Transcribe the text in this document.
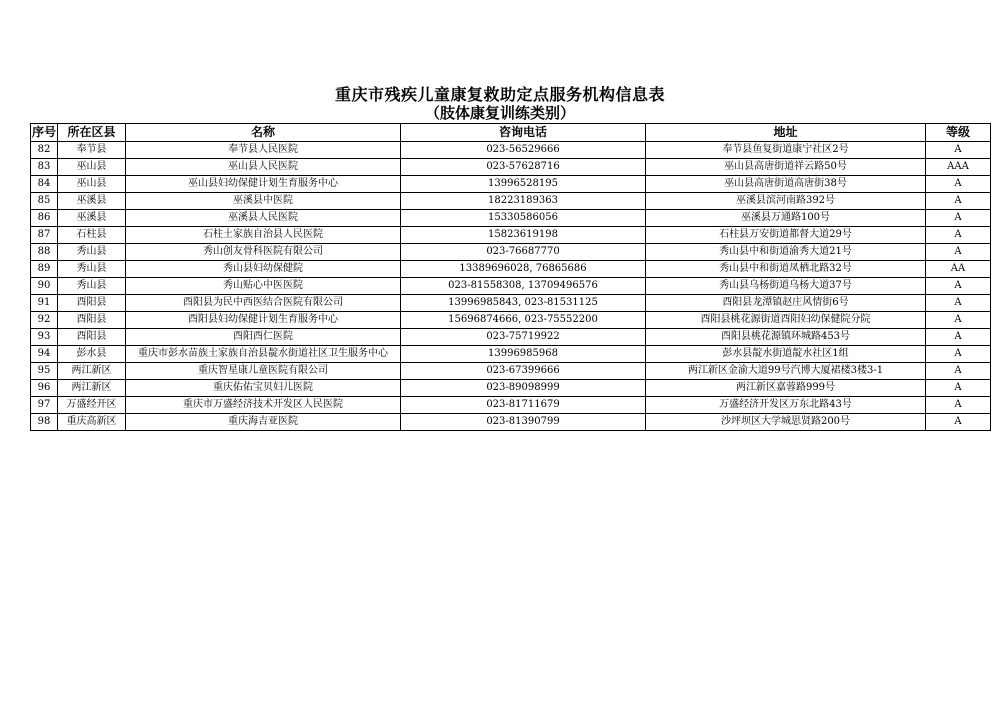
重庆市残疾儿童康复救助定点服务机构信息表
（肢体康复训练类别）
序号	所在区县	名称	咨询电话	地址	等级
82	奉节县	奉节县人民医院	023-56529666	奉节县鱼复街道康宁社区2号	A
83	巫山县	巫山县人民医院	023-57628716	巫山县高唐街道祥云路50号	AAA
84	巫山县	巫山县妇幼保健计划生育服务中心	13996528195	巫山县高唐街道高唐街38号	A
85	巫溪县	巫溪县中医院	18223189363	巫溪县滨河南路392号	A
86	巫溪县	巫溪县人民医院	15330586056	巫溪县万通路100号	A
87	石柱县	石柱土家族自治县人民医院	15823619198	石柱县万安街道都督大道29号	A
88	秀山县	秀山创友骨科医院有限公司	023-76687770	秀山县中和街道渝秀大道21号	A
89	秀山县	秀山县妇幼保健院	13389696028, 76865686	秀山县中和街道凤栖北路32号	AA
90	秀山县	秀山贴心中医医院	023-81558308, 13709496576	秀山县乌杨街道乌杨大道37号	A
91	酉阳县	酉阳县为民中西医结合医院有限公司	13996985843, 023-81531125	酉阳县龙潭镇赵庄风情街6号	A
92	酉阳县	酉阳县妇幼保健计划生育服务中心	15696874666, 023-75552200	酉阳县桃花源街道酉阳妇幼保健院分院	A
93	酉阳县	酉阳酉仁医院	023-75719922	酉阳县桃花源镇环城路453号	A
94	彭水县	重庆市彭水苗族土家族自治县靛水街道社区卫生服务中心	13996985968	彭水县靛水街道靛水社区1组	A
95	两江新区	重庆智星康儿童医院有限公司	023-67399666	两江新区金渝大道99号汽博大厦裙楼3楼3-1	A
96	两江新区	重庆佑佑宝贝妇儿医院	023-89098999	两江新区嘉蓉路999号	A
97	万盛经开区	重庆市万盛经济技术开发区人民医院	023-81711679	万盛经济开发区万东北路43号	A
98	重庆高新区	重庆海吉亚医院	023-81390799	沙坪坝区大学城思贤路200号	A
